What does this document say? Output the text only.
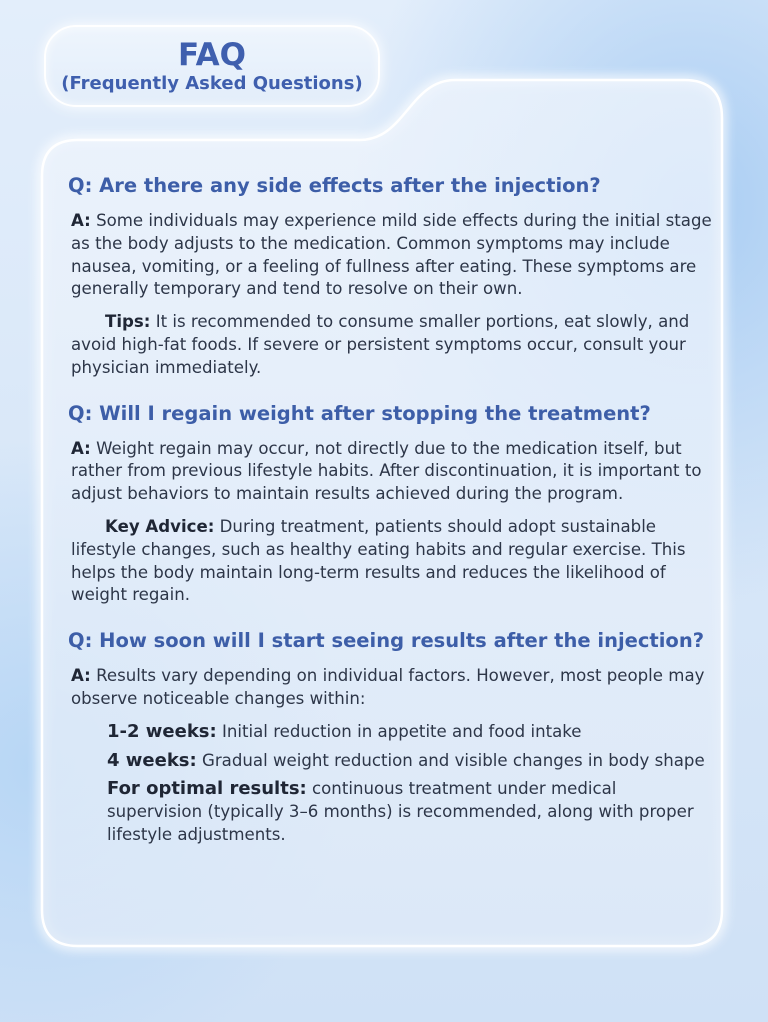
FAQ
(Frequently Asked Questions)
Q: Are there any side effects after the injection?

A: Some individuals may experience mild side effects during the initial stage as the body adjusts to the medication. Common symptoms may include nausea, vomiting, or a feeling of fullness after eating. These symptoms are generally temporary and tend to resolve on their own.

Tips: It is recommended to consume smaller portions, eat slowly, and avoid high-fat foods. If severe or persistent symptoms occur, consult your physician immediately.

Q: Will I regain weight after stopping the treatment?

A: Weight regain may occur, not directly due to the medication itself, but rather from previous lifestyle habits. After discontinuation, it is important to adjust behaviors to maintain results achieved during the program.

Key Advice: During treatment, patients should adopt sustainable lifestyle changes, such as healthy eating habits and regular exercise. This helps the body maintain long-term results and reduces the likelihood of weight regain.

Q: How soon will I start seeing results after the injection?

A: Results vary depending on individual factors. However, most people may observe noticeable changes within:

1-2 weeks: Initial reduction in appetite and food intake
4 weeks: Gradual weight reduction and visible changes in body shape
For optimal results: continuous treatment under medical supervision (typically 3–6 months) is recommended, along with proper lifestyle adjustments.
